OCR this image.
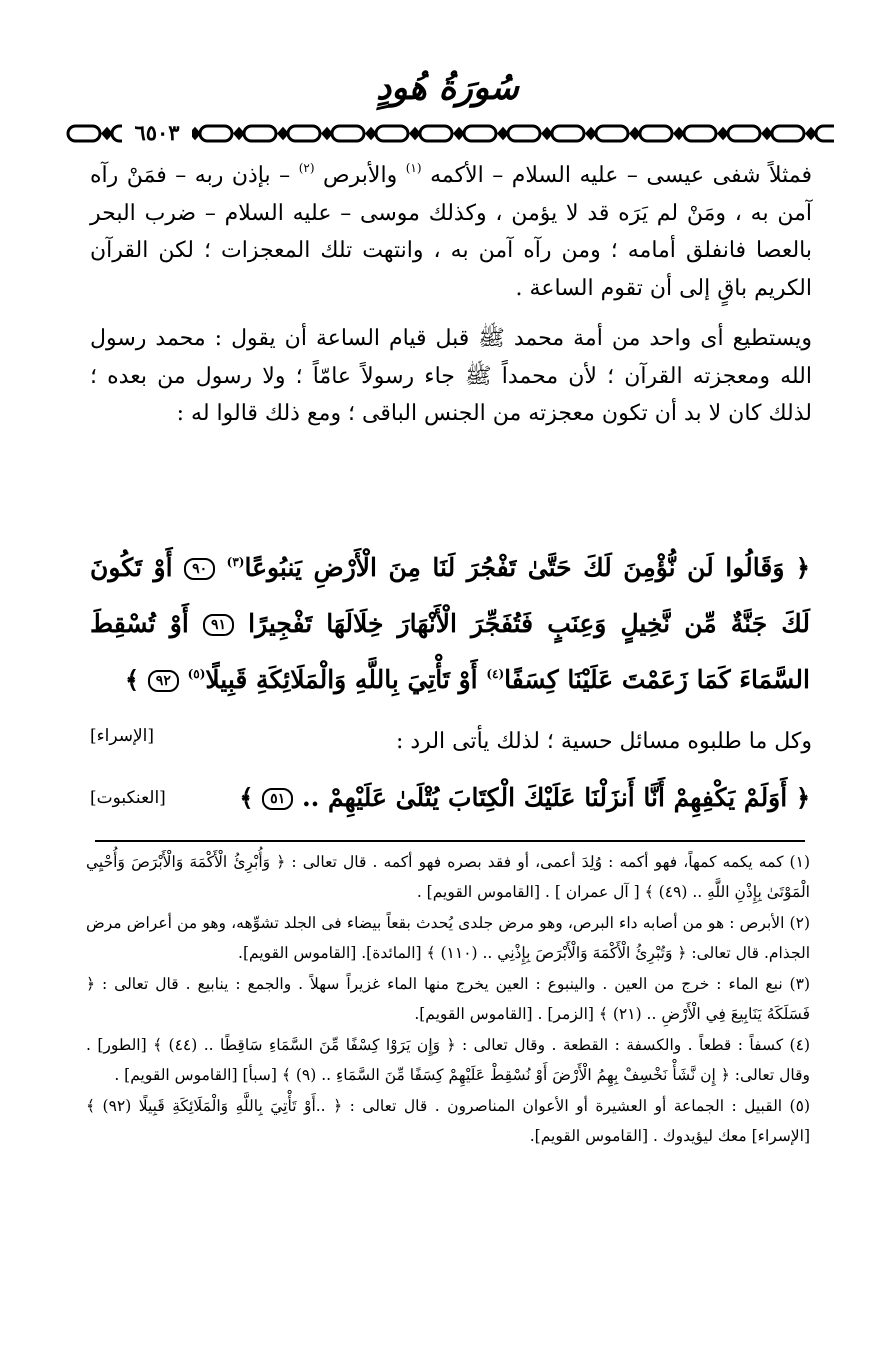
سُورَةُ هُودٍ
٦٥٠٣

فمثلاً شفى عيسى – عليه السلام – الأكمه $^{(١)}$ والأبرص $^{(٢)}$ – بإذن ربه – فمَنْ رآه آمن به ، ومَنْ لم يَرَه قد لا يؤمن ، وكذلك موسى – عليه السلام – ضرب البحر بالعصا فانفلق أمامه ؛ ومن رآه آمن به ، وانتهت تلك المعجزات ؛ لكن القرآن الكريم باقٍ إلى أن تقوم الساعة .

ويستطيع أى واحد من أمة محمد ﷺ قبل قيام الساعة أن يقول : محمد رسول الله ومعجزته القرآن ؛ لأن محمداً ﷺ جاء رسولاً عامّاً ؛ ولا رسول من بعده ؛ لذلك كان لا بد أن تكون معجزته من الجنس الباقى ؛ ومع ذلك قالوا له :

﴿ وَقَالُوا لَن نُّؤْمِنَ لَكَ حَتَّىٰ تَفْجُرَ لَنَا مِنَ الْأَرْضِ يَنبُوعًا$^{(٣)}$ ٩٠ أَوْ تَكُونَ لَكَ جَنَّةٌ مِّن نَّخِيلٍ وَعِنَبٍ فَتُفَجِّرَ الْأَنْهَارَ خِلَالَهَا تَفْجِيرًا ٩١ أَوْ تُسْقِطَ السَّمَاءَ كَمَا زَعَمْتَ عَلَيْنَا كِسَفًا$^{(٤)}$ أَوْ تَأْتِيَ بِاللَّهِ وَالْمَلَائِكَةِ قَبِيلًا$^{(٥)}$ ٩٢ ﴾
[الإسراء]	وكل ما طلبوه مسائل حسية ؛ لذلك يأتى الرد :
﴿ أَوَلَمْ يَكْفِهِمْ أَنَّا أَنزَلْنَا عَلَيْكَ الْكِتَابَ يُتْلَىٰ عَلَيْهِمْ .. ٥١ ﴾
[العنكبوت]

(١) كمه يكمه كمهاً، فهو أكمه : وُلِدَ أعمى، أو فقد بصره فهو أكمه . قال تعالى : ﴿ وَأُبْرِئُ الْأَكْمَهَ وَالْأَبْرَصَ وَأُحْيِي الْمَوْتَىٰ بِإِذْنِ اللَّهِ .. (٤٩) ﴾ [ آل عمران ] . [القاموس القويم] .

(٢) الأبرص : هو من أصابه داء البرص، وهو مرض جلدى يُحدث بقعاً بيضاء فى الجلد تشوِّهه، وهو من أعراض مرض الجذام. قال تعالى: ﴿ وَتُبْرِئُ الْأَكْمَهَ وَالْأَبْرَصَ بِإِذْنِي .. (١١٠) ﴾ [المائدة]. [القاموس القويم].

(٣) نبع الماء : خرج من العين . والينبوع : العين يخرج منها الماء غزيراً سهلاً . والجمع : ينابيع . قال تعالى : ﴿ فَسَلَكَهُ يَنَابِيعَ فِي الْأَرْضِ .. (٢١) ﴾ [الزمر] . [القاموس القويم].

(٤) كسفاً : قطعاً . والكسفة : القطعة . وقال تعالى : ﴿ وَإِن يَرَوْا كِسْفًا مِّنَ السَّمَاءِ سَاقِطًا .. (٤٤) ﴾ [الطور] . وقال تعالى: ﴿ إِن نَّشَأْ نَخْسِفْ بِهِمُ الْأَرْضَ أَوْ نُسْقِطْ عَلَيْهِمْ كِسَفًا مِّنَ السَّمَاءِ .. (٩) ﴾ [سبأ] [القاموس القويم] .

(٥) القبيل : الجماعة أو العشيرة أو الأعوان المناصرون . قال تعالى : ﴿ ..أَوْ تَأْتِيَ بِاللَّهِ وَالْمَلَائِكَةِ قَبِيلًا (٩٢) ﴾ [الإسراء] معك ليؤيدوك . [القاموس القويم].
